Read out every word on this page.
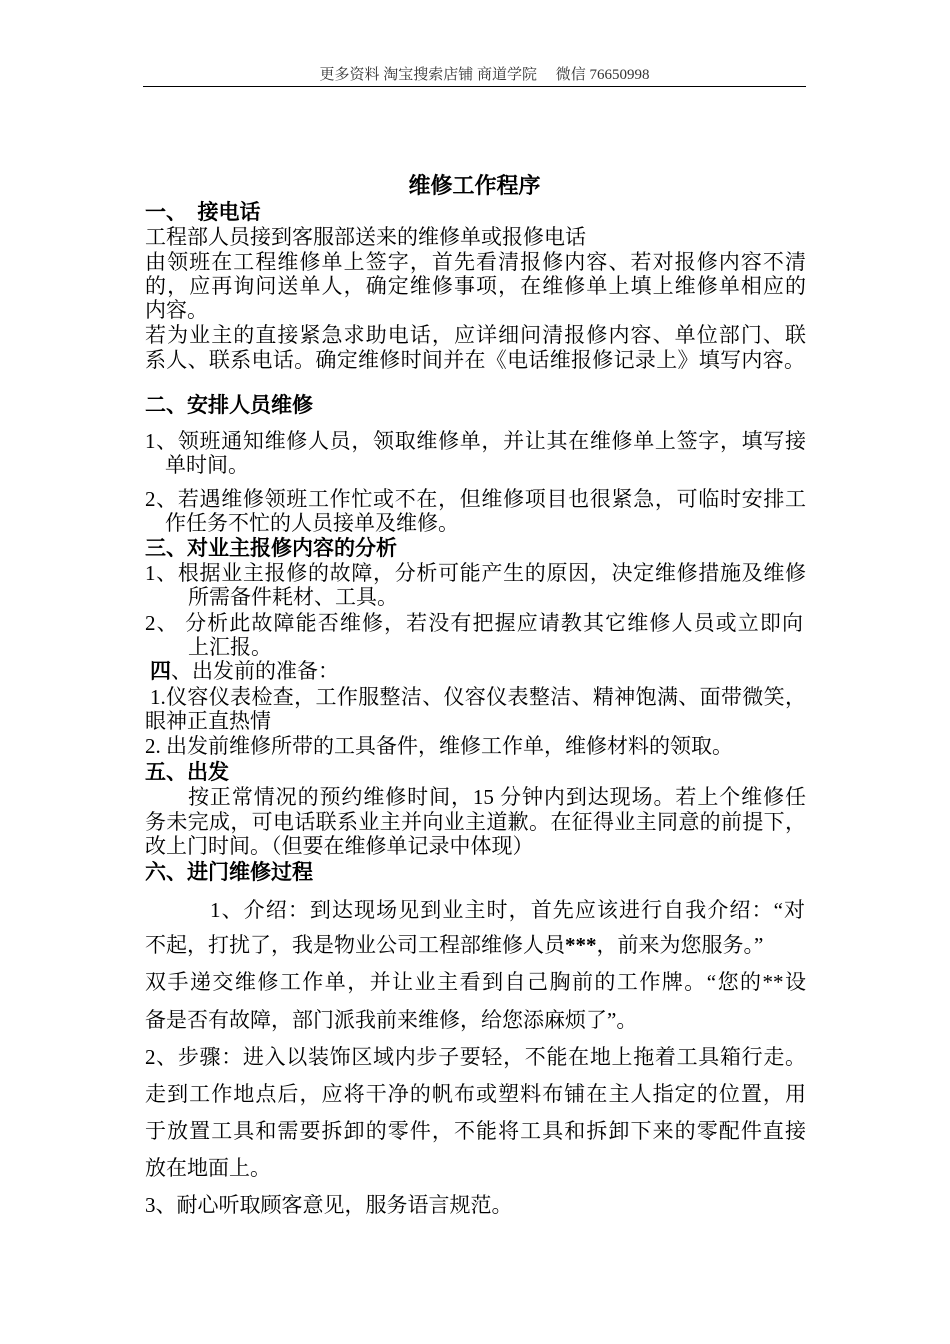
更多资料 淘宝搜索店铺 商道学院　 微信 76650998
维修工作程序
一、　接电话
工程部人员接到客服部送来的维修单或报修电话
由领班在工程维修单上签字，首先看清报修内容、若对报修内容不清
的，应再询问送单人，确定维修事项，在维修单上填上维修单相应的
内容。
若为业主的直接紧急求助电话，应详细问清报修内容、单位部门、联
系人、联系电话。确定维修时间并在《电话维报修记录上》填写内容。
二、安排人员维修
1、领班通知维修人员，领取维修单，并让其在维修单上签字，填写接
单时间。
2、若遇维修领班工作忙或不在，但维修项目也很紧急，可临时安排工
作任务不忙的人员接单及维修。
三、对业主报修内容的分析
1、根据业主报修的故障，分析可能产生的原因，决定维修措施及维修
所需备件耗材、工具。
2、 分析此故障能否维修，若没有把握应请教其它维修人员或立即向
上汇报。
四、出发前的准备：
1.仪容仪表检查，工作服整洁、仪容仪表整洁、精神饱满、面带微笑，
眼神正直热情
2. 出发前维修所带的工具备件，维修工作单，维修材料的领取。
五、出发
按正常情况的预约维修时间，15 分钟内到达现场。若上个维修任
务未完成，可电话联系业主并向业主道歉。在征得业主同意的前提下，
改上门时间。（但要在维修单记录中体现）
六、进门维修过程
1、介绍：到达现场见到业主时，首先应该进行自我介绍：“对
不起，打扰了，我是物业公司工程部维修人员***，前来为您服务。”
双手递交维修工作单，并让业主看到自己胸前的工作牌。“您的**设
备是否有故障，部门派我前来维修，给您添麻烦了”。
2、步骤：进入以装饰区域内步子要轻，不能在地上拖着工具箱行走。
走到工作地点后，应将干净的帆布或塑料布铺在主人指定的位置，用
于放置工具和需要拆卸的零件，不能将工具和拆卸下来的零配件直接
放在地面上。
3、耐心听取顾客意见，服务语言规范。
